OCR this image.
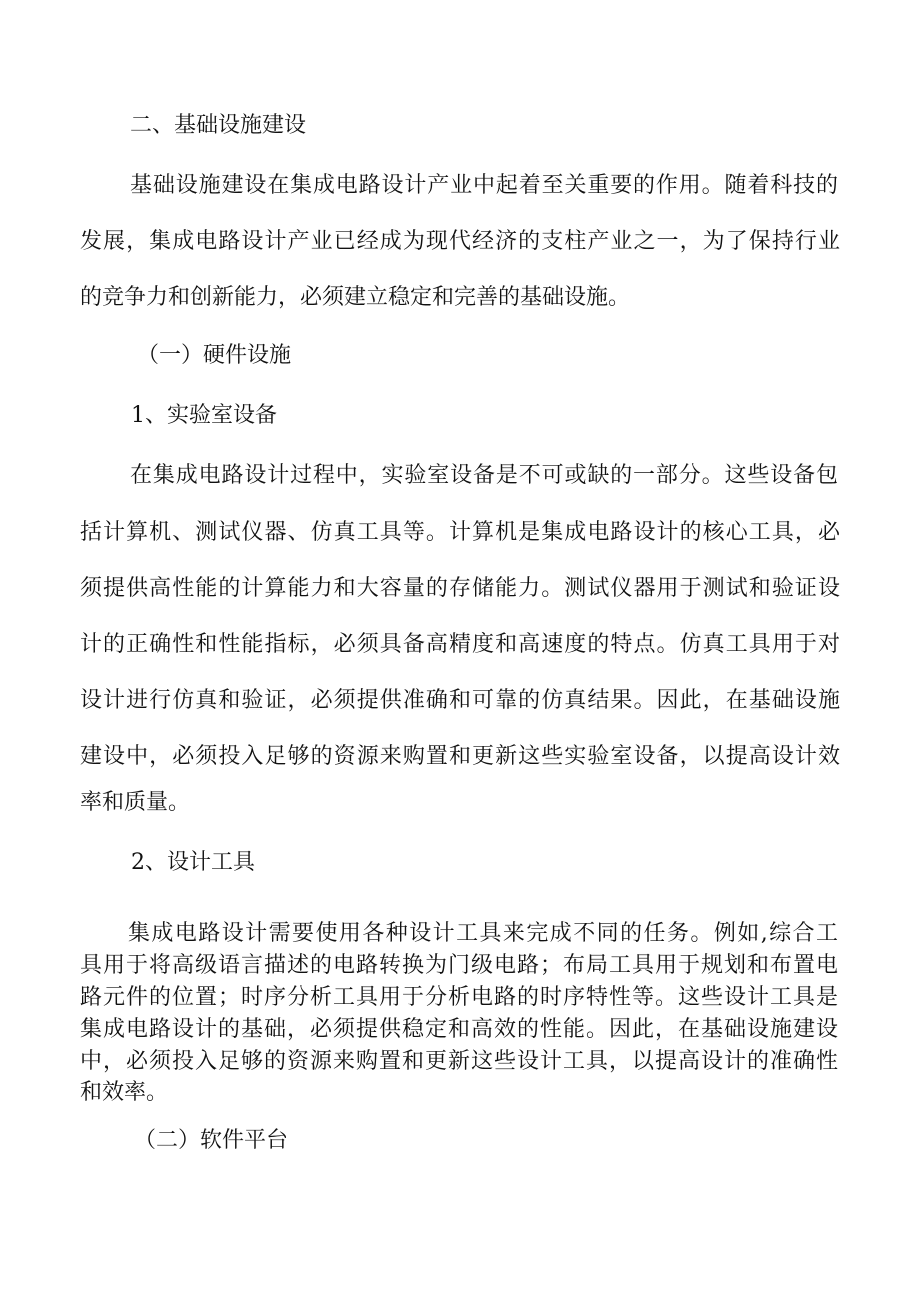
二、基础设施建设
基础设施建设在集成电路设计产业中起着至关重要的作用。随着科技的
发展，集成电路设计产业已经成为现代经济的支柱产业之一，为了保持行业
的竞争力和创新能力，必须建立稳定和完善的基础设施。
（一）硬件设施
1、实验室设备
在集成电路设计过程中，实验室设备是不可或缺的一部分。这些设备包
括计算机、测试仪器、仿真工具等。计算机是集成电路设计的核心工具，必
须提供高性能的计算能力和大容量的存储能力。测试仪器用于测试和验证设
计的正确性和性能指标，必须具备高精度和高速度的特点。仿真工具用于对
设计进行仿真和验证，必须提供准确和可靠的仿真结果。因此，在基础设施
建设中，必须投入足够的资源来购置和更新这些实验室设备，以提高设计效
率和质量。
2、设计工具
集成电路设计需要使用各种设计工具来完成不同的任务。例如,综合工
具用于将高级语言描述的电路转换为门级电路；布局工具用于规划和布置电
路元件的位置；时序分析工具用于分析电路的时序特性等。这些设计工具是
集成电路设计的基础，必须提供稳定和高效的性能。因此，在基础设施建设
中，必须投入足够的资源来购置和更新这些设计工具，以提高设计的准确性
和效率。
（二）软件平台
